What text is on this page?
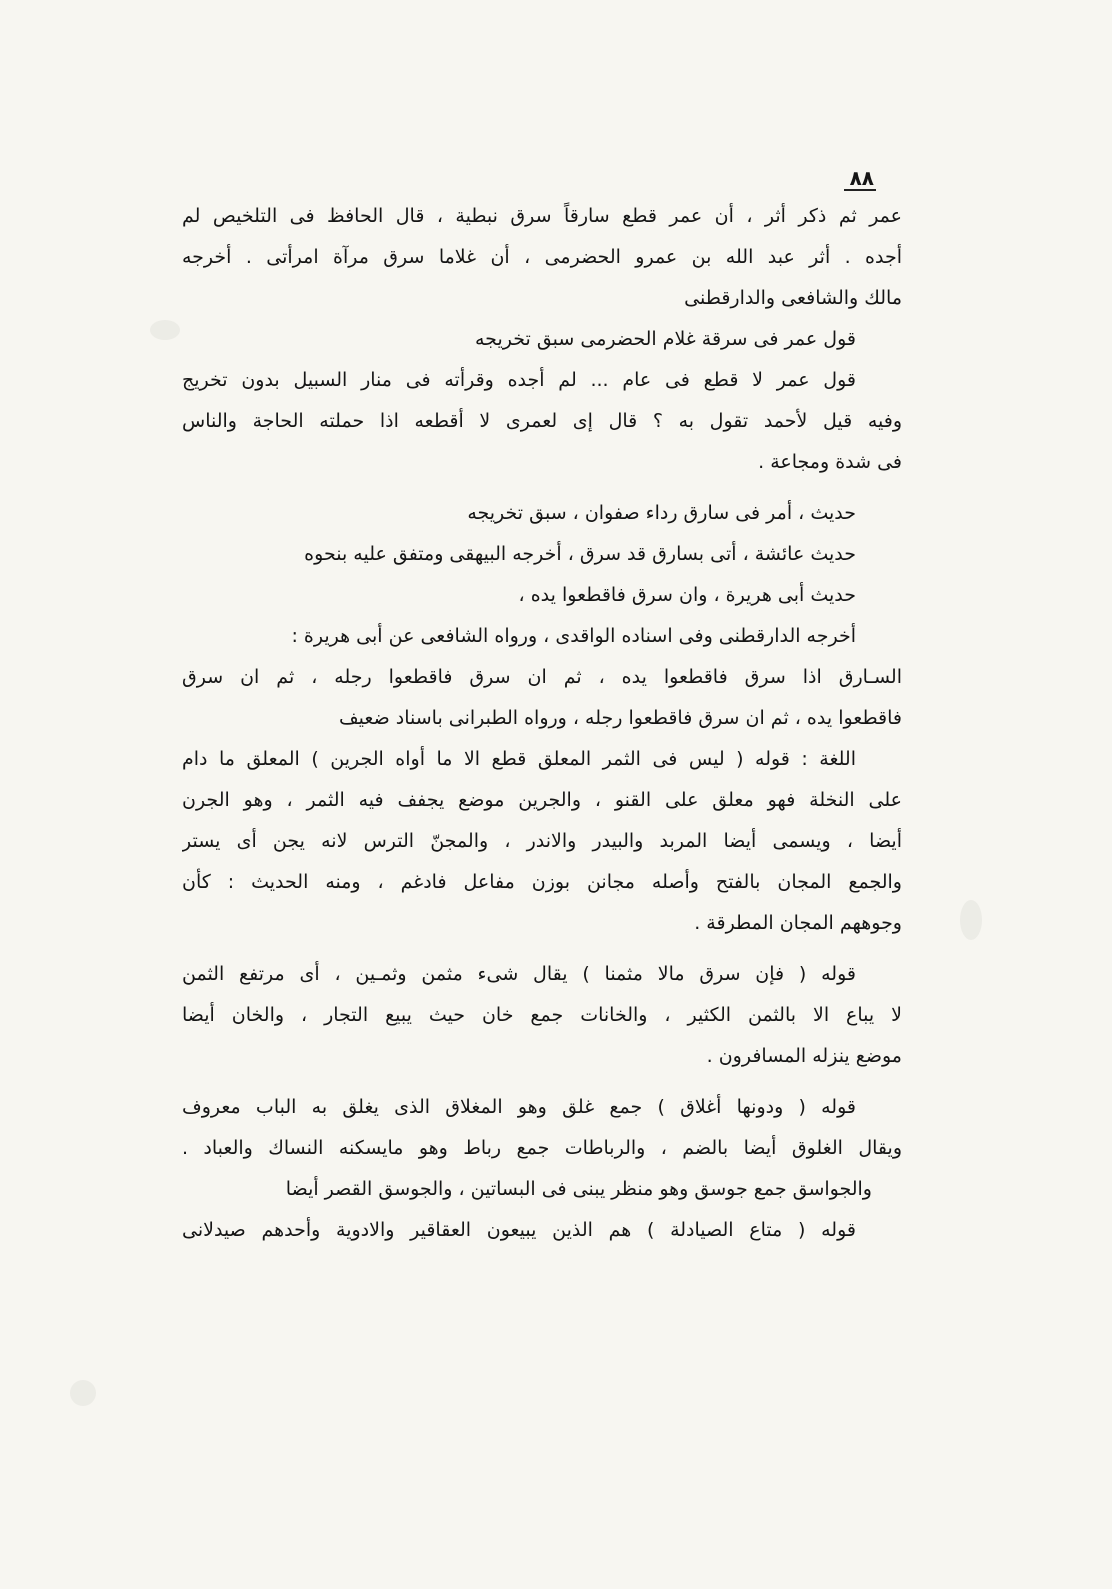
٨٨
عمر ثم ذكر أثر ، أن عمر قطع سارقاً سرق نبطية ، قال الحافظ فى التلخيص لم
أجده . أثر عبد الله بن عمرو الحضرمى ، أن غلاما سرق مرآة امرأتى . أخرجه
مالك والشافعى والدارقطنى
قول عمر فى سرقة غلام الحضرمى سبق تخريجه
قول عمر لا قطع فى عام ... لم أجده وقرأته فى منار السبيل بدون تخريج
وفيه قيل لأحمد تقول به ؟ قال إى لعمرى لا أقطعه اذا حملته الحاجة والناس
فى شدة ومجاعة .
حديث ، أمر فى سارق رداء صفوان ، سبق تخريجه
حديث عائشة ، أتى بسارق قد سرق ، أخرجه البيهقى ومتفق عليه بنحوه
حديث أبى هريرة ، وان سرق فاقطعوا يده ،
أخرجه الدارقطنى وفى اسناده الواقدى ، ورواه الشافعى عن أبى هريرة :
السـارق اذا سرق فاقطعوا يده ، ثم ان سرق فاقطعوا رجله ، ثم ان سرق
فاقطعوا يده ، ثم ان سرق فاقطعوا رجله ، ورواه الطبرانى باسناد ضعيف
اللغة : قوله ( ليس فى الثمر المعلق قطع الا ما أواه الجرين ) المعلق ما دام
على النخلة فهو معلق على القنو ، والجرين موضع يجفف فيه الثمر ، وهو الجرن
أيضا ، ويسمى أيضا المربد والبيدر والاندر ، والمجنّ الترس لانه يجن أى يستر
والجمع المجان بالفتح وأصله مجانن بوزن مفاعل فادغم ، ومنه الحديث : كأن
وجوههم المجان المطرقة .
قوله ( فإن سرق مالا مثمنا ) يقال شىء مثمن وثمـين ، أى مرتفع الثمن
لا يباع الا بالثمن الكثير ، والخانات جمع خان حيث يبيع التجار ، والخان أيضا
موضع ينزله المسافرون .
قوله ( ودونها أغلاق ) جمع غلق وهو المغلاق الذى يغلق به الباب معروف
ويقال الغلوق أيضا بالضم ، والرباطات جمع رباط وهو مايسكنه النساك والعباد .
والجواسق جمع جوسق وهو منظر يبنى فى البساتين ، والجوسق القصر أيضا
قوله ( متاع الصيادلة ) هم الذين يبيعون العقاقير والادوية وأحدهم صيدلانى
